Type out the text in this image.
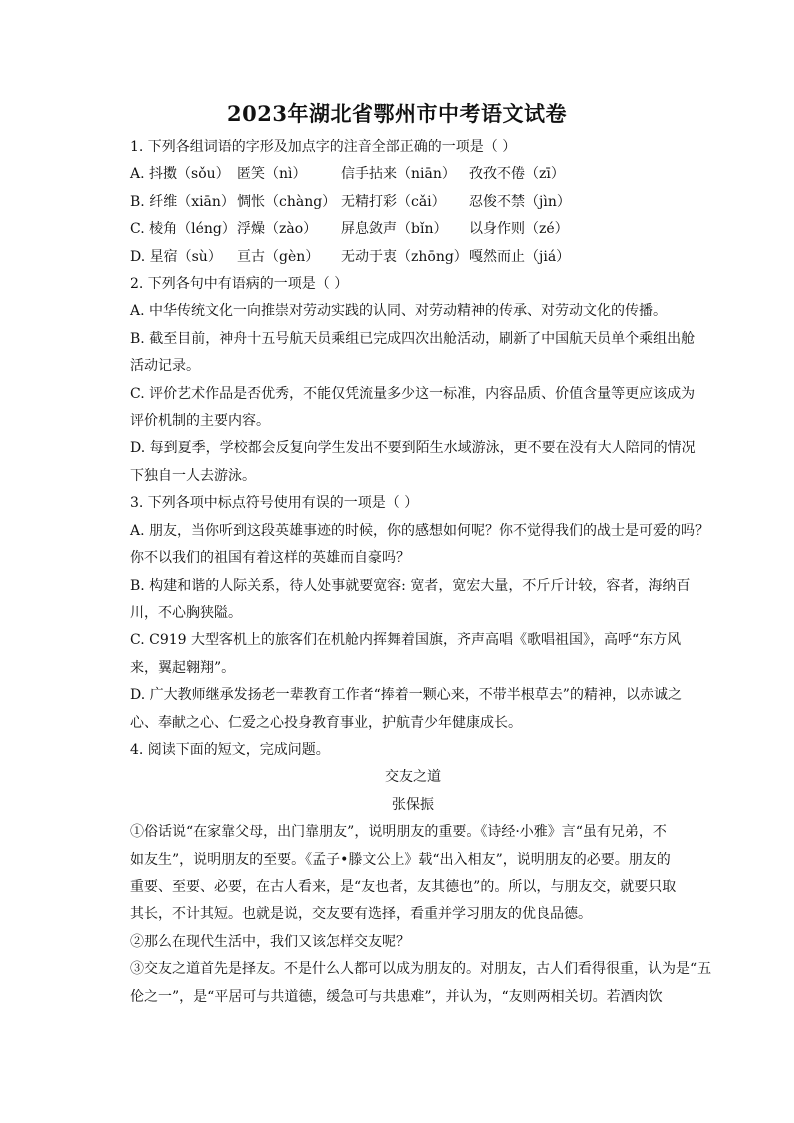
2023年湖北省鄂州市中考语文试卷
1. 下列各组词语的字形及加点字的注音全部正确的一项是（ ）
A. 抖擞（sǒu） 匿笑（nì）	信手拈来（niān） 孜孜不倦（zī）
B. 纤维（xiān） 惆怅（chàng） 无精打彩（cǎi）	忍俊不禁（jìn）
C. 棱角（léng） 浮燥（zào）	屏息敛声（bǐn）	以身作则（zé）
D. 星宿（sù）	亘古（gèn）	无动于衷（zhōng） 嘎然而止（jiá）
2. 下列各句中有语病的一项是（ ）
A. 中华传统文化一向推崇对劳动实践的认同、对劳动精神的传承、对劳动文化的传播。
B. 截至目前，神舟十五号航天员乘组已完成四次出舱活动，刷新了中国航天员单个乘组出舱
活动记录。
C. 评价艺术作品是否优秀，不能仅凭流量多少这一标准，内容品质、价值含量等更应该成为
评价机制的主要内容。
D. 每到夏季，学校都会反复向学生发出不要到陌生水域游泳，更不要在没有大人陪同的情况
下独自一人去游泳。
3. 下列各项中标点符号使用有误的一项是（ ）
A. 朋友，当你听到这段英雄事迹的时候，你的感想如何呢？你不觉得我们的战士是可爱的吗？
你不以我们的祖国有着这样的英雄而自豪吗？
B. 构建和谐的人际关系，待人处事就要宽容: 宽者，宽宏大量，不斤斤计较，容者，海纳百
川，不心胸狭隘。
C. C919 大型客机上的旅客们在机舱内挥舞着国旗，齐声高唱《歌唱祖国》，高呼“东方风
来，翼起翱翔”。
D. 广大教师继承发扬老一辈教育工作者“捧着一颗心来，不带半根草去”的精神，以赤诚之
心、奉献之心、仁爱之心投身教育事业，护航青少年健康成长。
4. 阅读下面的短文，完成问题。
交友之道
张保振
①俗话说“在家靠父母，出门靠朋友”，说明朋友的重要。《诗经·小雅》言“虽有兄弟，不
如友生”，说明朋友的至要。《孟子•滕文公上》载“出入相友”，说明朋友的必要。朋友的
重要、至要、必要，在古人看来，是“友也者，友其德也”的。所以，与朋友交，就要只取
其长，不计其短。也就是说，交友要有选择，看重并学习朋友的优良品德。
②那么在现代生活中，我们又该怎样交友呢？
③交友之道首先是择友。不是什么人都可以成为朋友的。对朋友，古人们看得很重，认为是“五
伦之一”，是“平居可与共道德，缓急可与共患难”，并认为，“友则两相关切。若酒肉饮
